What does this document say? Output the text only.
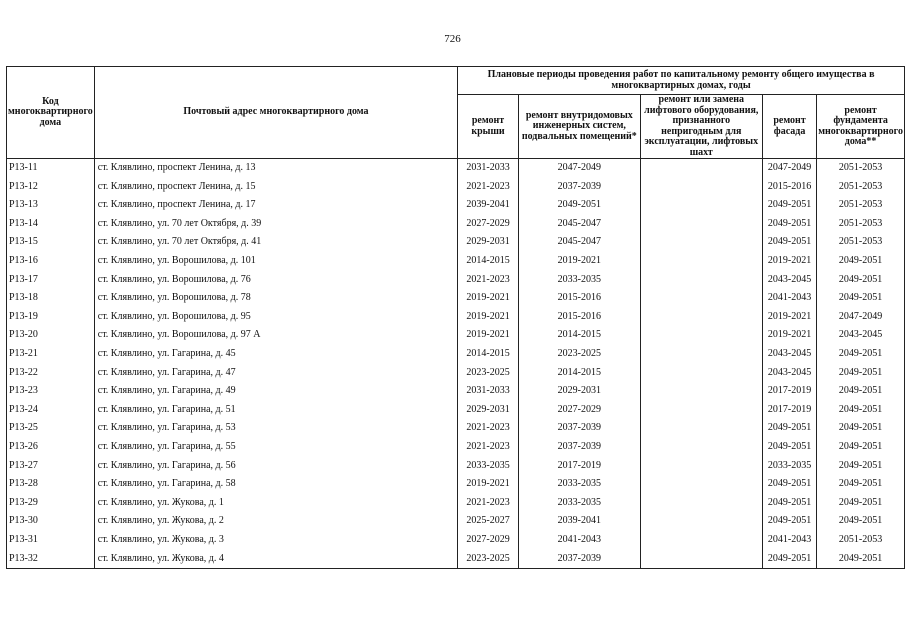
726
Код многоквартирного дома	Почтовый адрес многоквартирного дома	Плановые периоды проведения работ по капитальному ремонту общего имущества в многоквартирных домах, годы				
		ремонт крыши	ремонт внутридомовых инженерных систем, подвальных помещений*	ремонт или замена лифтового оборудования, признанного непригодным для эксплуатации, лифтовых шахт	ремонт фасада	ремонт фундамента многоквартирного дома**
Р13-11	ст. Клявлино, проспект Ленина, д. 13	2031-2033	2047-2049		2047-2049	2051-2053
Р13-12	ст. Клявлино, проспект Ленина, д. 15	2021-2023	2037-2039		2015-2016	2051-2053
Р13-13	ст. Клявлино, проспект Ленина, д. 17	2039-2041	2049-2051		2049-2051	2051-2053
Р13-14	ст. Клявлино, ул. 70 лет Октября, д. 39	2027-2029	2045-2047		2049-2051	2051-2053
Р13-15	ст. Клявлино, ул. 70 лет Октября, д. 41	2029-2031	2045-2047		2049-2051	2051-2053
Р13-16	ст. Клявлино, ул. Ворошилова, д. 101	2014-2015	2019-2021		2019-2021	2049-2051
Р13-17	ст. Клявлино, ул. Ворошилова, д. 76	2021-2023	2033-2035		2043-2045	2049-2051
Р13-18	ст. Клявлино, ул. Ворошилова, д. 78	2019-2021	2015-2016		2041-2043	2049-2051
Р13-19	ст. Клявлино, ул. Ворошилова, д. 95	2019-2021	2015-2016		2019-2021	2047-2049
Р13-20	ст. Клявлино, ул. Ворошилова, д. 97 А	2019-2021	2014-2015		2019-2021	2043-2045
Р13-21	ст. Клявлино, ул. Гагарина, д. 45	2014-2015	2023-2025		2043-2045	2049-2051
Р13-22	ст. Клявлино, ул. Гагарина, д. 47	2023-2025	2014-2015		2043-2045	2049-2051
Р13-23	ст. Клявлино, ул. Гагарина, д. 49	2031-2033	2029-2031		2017-2019	2049-2051
Р13-24	ст. Клявлино, ул. Гагарина, д. 51	2029-2031	2027-2029		2017-2019	2049-2051
Р13-25	ст. Клявлино, ул. Гагарина, д. 53	2021-2023	2037-2039		2049-2051	2049-2051
Р13-26	ст. Клявлино, ул. Гагарина, д. 55	2021-2023	2037-2039		2049-2051	2049-2051
Р13-27	ст. Клявлино, ул. Гагарина, д. 56	2033-2035	2017-2019		2033-2035	2049-2051
Р13-28	ст. Клявлино, ул. Гагарина, д. 58	2019-2021	2033-2035		2049-2051	2049-2051
Р13-29	ст. Клявлино, ул. Жукова, д. 1	2021-2023	2033-2035		2049-2051	2049-2051
Р13-30	ст. Клявлино, ул. Жукова, д. 2	2025-2027	2039-2041		2049-2051	2049-2051
Р13-31	ст. Клявлино, ул. Жукова, д. 3	2027-2029	2041-2043		2041-2043	2051-2053
Р13-32	ст. Клявлино, ул. Жукова, д. 4	2023-2025	2037-2039		2049-2051	2049-2051
